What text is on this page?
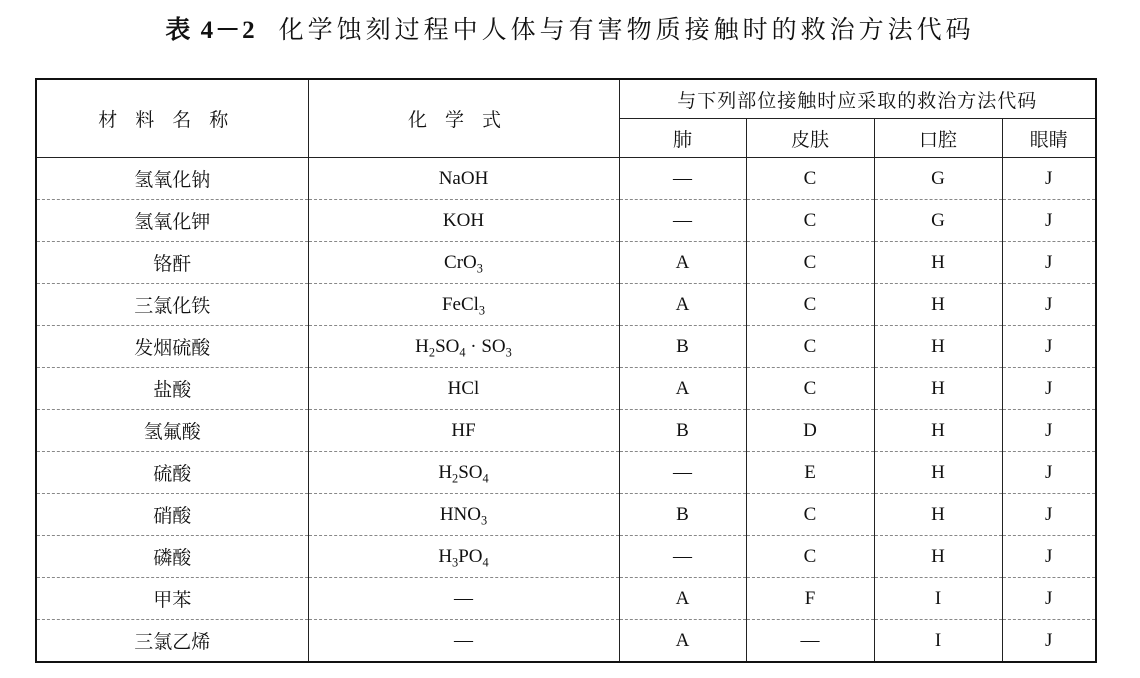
表 4－2 化学蚀刻过程中人体与有害物质接触时的救治方法代码
材料名称	化学式	与下列部位接触时应采取的救治方法代码			
		肺	皮肤	口腔	眼睛
氢氧化钠	NaOH	—	C	G	J
氢氧化钾	KOH	—	C	G	J
铬酐	CrO$_3$	A	C	H	J
三氯化铁	FeCl$_3$	A	C	H	J
发烟硫酸	$H_2SO_4 \cdot SO_3$	B	C	H	J
盐酸	HCl	A	C	H	J
氢氟酸	HF	B	D	H	J
硫酸	$H_2SO_4$	—	E	H	J
硝酸	$HNO_3$	B	C	H	J
磷酸	$H_3PO_4$	—	C	H	J
甲苯	—	A	F	I	J
三氯乙烯	—	A	—	I	J
